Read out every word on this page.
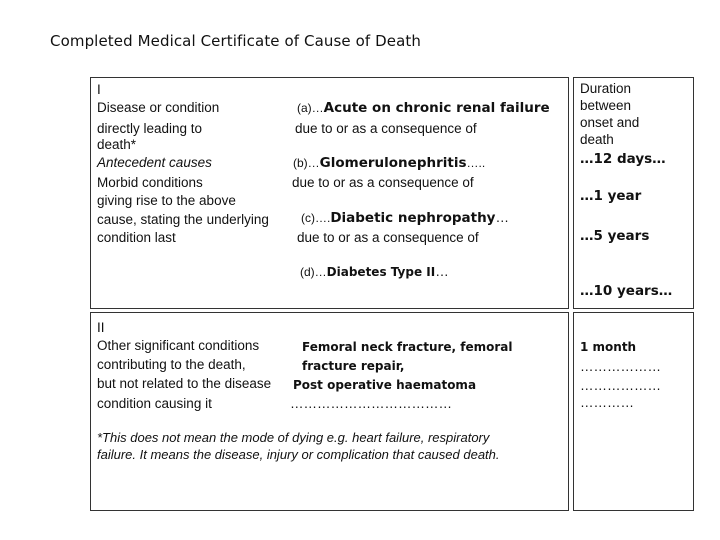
Completed Medical Certificate of Cause of Death
I
Disease or condition
directly leading to
death*
Antecedent causes
Morbid conditions
giving rise to the above
cause, stating the underlying
condition last
(a)…Acute on chronic renal failure
due to or as a consequence of
(b)…Glomerulonephritis…..
due to or as a consequence of
(c)….Diabetic nephropathy…
due to or as a consequence of
(d)…Diabetes Type II…
Duration
between
onset and
death
…12 days…
…1 year
…5 years
…10 years…
II
Other significant conditions
contributing to the death,
but not related to the disease
condition causing it
Femoral neck fracture, femoral
fracture repair,
Post operative haematoma
………………………………
1 month
………………
………………
…………
*This does not mean the mode of dying e.g. heart failure, respiratory
failure. It means the disease, injury or complication that caused death.
